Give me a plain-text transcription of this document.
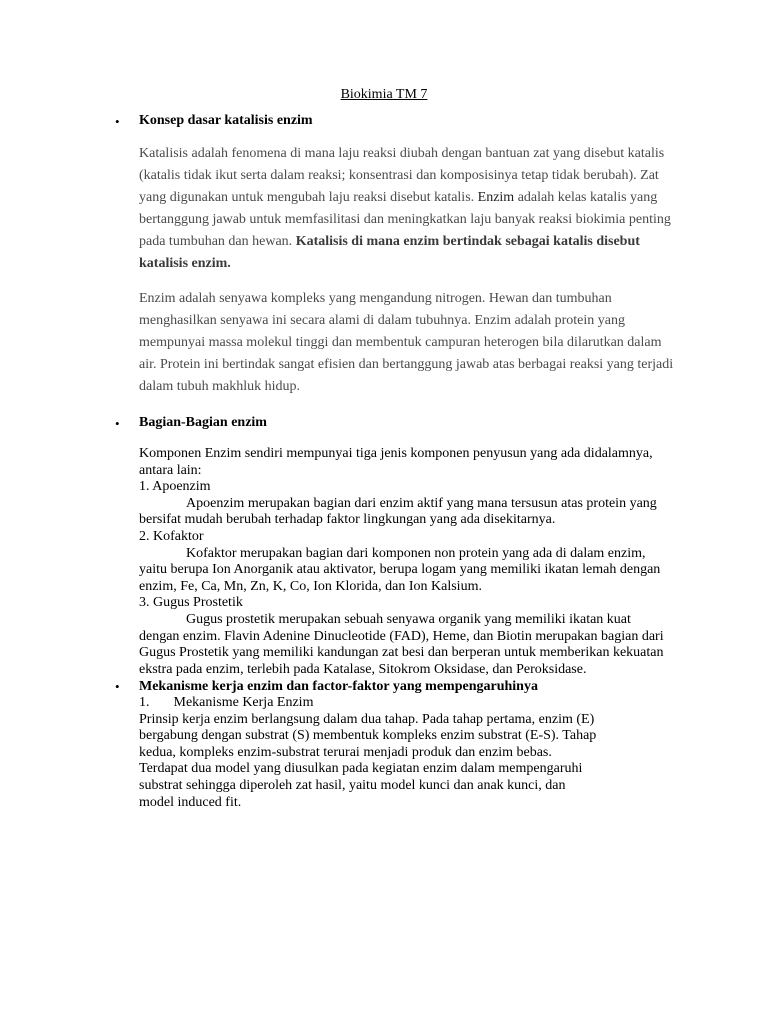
Biokimia TM 7
• Konsep dasar katalisis enzim
Katalisis adalah fenomena di mana laju reaksi diubah dengan bantuan zat yang disebut katalis (katalis tidak ikut serta dalam reaksi; konsentrasi dan komposisinya tetap tidak berubah). Zat yang digunakan untuk mengubah laju reaksi disebut katalis. Enzim adalah kelas katalis yang bertanggung jawab untuk memfasilitasi dan meningkatkan laju banyak reaksi biokimia penting pada tumbuhan dan hewan. Katalisis di mana enzim bertindak sebagai katalis disebut katalisis enzim.
Enzim adalah senyawa kompleks yang mengandung nitrogen. Hewan dan tumbuhan menghasilkan senyawa ini secara alami di dalam tubuhnya. Enzim adalah protein yang mempunyai massa molekul tinggi dan membentuk campuran heterogen bila dilarutkan dalam air. Protein ini bertindak sangat efisien dan bertanggung jawab atas berbagai reaksi yang terjadi dalam tubuh makhluk hidup.
• Bagian-Bagian enzim
Komponen Enzim sendiri mempunyai tiga jenis komponen penyusun yang ada didalamnya,
antara lain:
1. Apoenzim
Apoenzim merupakan bagian dari enzim aktif yang mana tersusun atas protein yang
bersifat mudah berubah terhadap faktor lingkungan yang ada disekitarnya.
2. Kofaktor
Kofaktor merupakan bagian dari komponen non protein yang ada di dalam enzim,
yaitu berupa Ion Anorganik atau aktivator, berupa logam yang memiliki ikatan lemah dengan
enzim, Fe, Ca, Mn, Zn, K, Co, Ion Klorida, dan Ion Kalsium.
3. Gugus Prostetik
Gugus prostetik merupakan sebuah senyawa organik yang memiliki ikatan kuat
dengan enzim. Flavin Adenine Dinucleotide (FAD), Heme, dan Biotin merupakan bagian dari
Gugus Prostetik yang memiliki kandungan zat besi dan berperan untuk memberikan kekuatan
ekstra pada enzim, terlebih pada Katalase, Sitokrom Oksidase, dan Peroksidase.
• Mekanisme kerja enzim dan factor-faktor yang mempengaruhinya
1. Mekanisme Kerja Enzim
Prinsip kerja enzim berlangsung dalam dua tahap. Pada tahap pertama, enzim (E)
bergabung dengan substrat (S) membentuk kompleks enzim substrat (E-S). Tahap
kedua, kompleks enzim-substrat terurai menjadi produk dan enzim bebas.
Terdapat dua model yang diusulkan pada kegiatan enzim dalam mempengaruhi
substrat sehingga diperoleh zat hasil, yaitu model kunci dan anak kunci, dan
model induced fit.
